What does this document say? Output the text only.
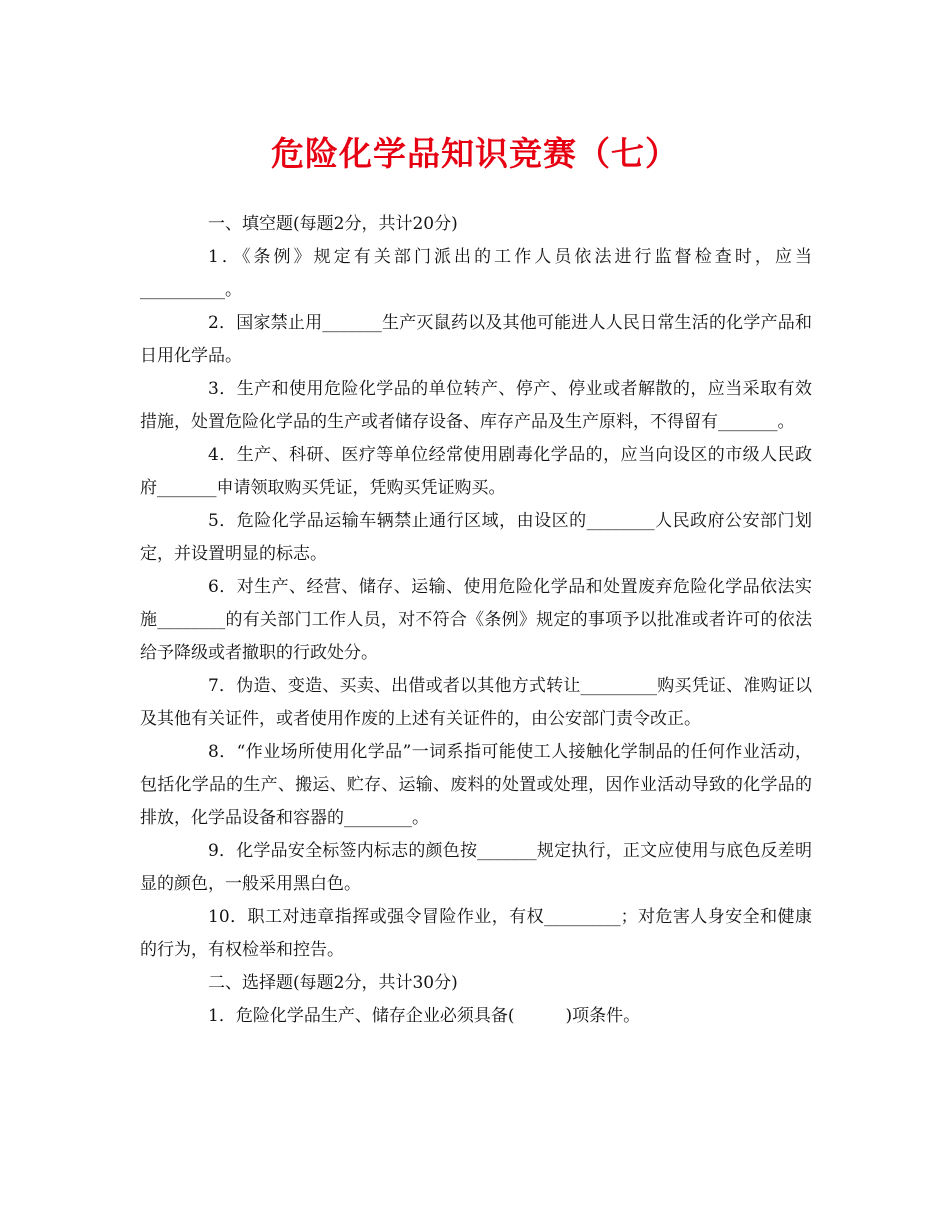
危险化学品知识竞赛（七）

一、填空题(每题2分，共计20分)

1．《条例》规定有关部门派出的工作人员依法进行监督检查时，应当__________。

2．国家禁止用_______生产灭鼠药以及其他可能进人人民日常生活的化学产品和日用化学品。

3．生产和使用危险化学品的单位转产、停产、停业或者解散的，应当采取有效措施，处置危险化学品的生产或者储存设备、库存产品及生产原料，不得留有_______。

4．生产、科研、医疗等单位经常使用剧毒化学品的，应当向设区的市级人民政府_______申请领取购买凭证，凭购买凭证购买。

5．危险化学品运输车辆禁止通行区域，由设区的________人民政府公安部门划定，并设置明显的标志。

6．对生产、经营、储存、运输、使用危险化学品和处置废弃危险化学品依法实施________的有关部门工作人员，对不符合《条例》规定的事项予以批准或者许可的依法给予降级或者撤职的行政处分。

7．伪造、变造、买卖、出借或者以其他方式转让_________购买凭证、准购证以及其他有关证件，或者使用作废的上述有关证件的，由公安部门责令改正。

8．“作业场所使用化学品”一词系指可能使工人接触化学制品的任何作业活动，包括化学品的生产、搬运、贮存、运输、废料的处置或处理，因作业活动导致的化学品的排放，化学品设备和容器的________。

9．化学品安全标签内标志的颜色按_______规定执行，正文应使用与底色反差明显的颜色，一般采用黑白色。

10．职工对违章指挥或强令冒险作业，有权_________；对危害人身安全和健康的行为，有权检举和控告。

二、选择题(每题2分，共计30分)

1．危险化学品生产、储存企业必须具备(　　　)项条件。
